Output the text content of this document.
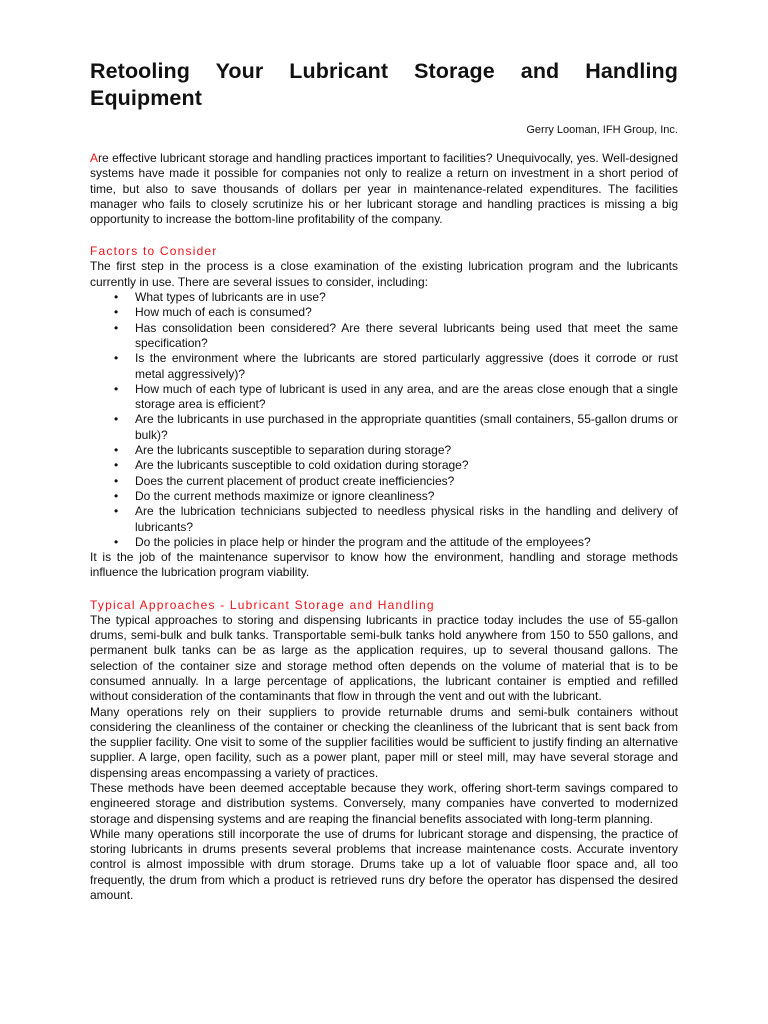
Retooling Your Lubricant Storage and Handling Equipment
Gerry Looman, IFH Group, Inc.

Are effective lubricant storage and handling practices important to facilities? Unequivocally, yes. Well-designed systems have made it possible for companies not only to realize a return on investment in a short period of time, but also to save thousands of dollars per year in maintenance-related expenditures. The facilities manager who fails to closely scrutinize his or her lubricant storage and handling practices is missing a big opportunity to increase the bottom-line profitability of the company.

Factors to Consider

The first step in the process is a close examination of the existing lubrication program and the lubricants currently in use. There are several issues to consider, including:

• What types of lubricants are in use?
• How much of each is consumed?
• Has consolidation been considered? Are there several lubricants being used that meet the same specification?
• Is the environment where the lubricants are stored particularly aggressive (does it corrode or rust metal aggressively)?
• How much of each type of lubricant is used in any area, and are the areas close enough that a single storage area is efficient?
• Are the lubricants in use purchased in the appropriate quantities (small containers, 55-gallon drums or bulk)?
• Are the lubricants susceptible to separation during storage?
• Are the lubricants susceptible to cold oxidation during storage?
• Does the current placement of product create inefficiencies?
• Do the current methods maximize or ignore cleanliness?
• Are the lubrication technicians subjected to needless physical risks in the handling and delivery of lubricants?
• Do the policies in place help or hinder the program and the attitude of the employees?

It is the job of the maintenance supervisor to know how the environment, handling and storage methods influence the lubrication program viability.

Typical Approaches - Lubricant Storage and Handling

The typical approaches to storing and dispensing lubricants in practice today includes the use of 55-gallon drums, semi-bulk and bulk tanks. Transportable semi-bulk tanks hold anywhere from 150 to 550 gallons, and permanent bulk tanks can be as large as the application requires, up to several thousand gallons. The selection of the container size and storage method often depends on the volume of material that is to be consumed annually. In a large percentage of applications, the lubricant container is emptied and refilled without consideration of the contaminants that flow in through the vent and out with the lubricant.

Many operations rely on their suppliers to provide returnable drums and semi-bulk containers without considering the cleanliness of the container or checking the cleanliness of the lubricant that is sent back from the supplier facility. One visit to some of the supplier facilities would be sufficient to justify finding an alternative supplier. A large, open facility, such as a power plant, paper mill or steel mill, may have several storage and dispensing areas encompassing a variety of practices.

These methods have been deemed acceptable because they work, offering short-term savings compared to engineered storage and distribution systems. Conversely, many companies have converted to modernized storage and dispensing systems and are reaping the financial benefits associated with long-term planning.

While many operations still incorporate the use of drums for lubricant storage and dispensing, the practice of storing lubricants in drums presents several problems that increase maintenance costs. Accurate inventory control is almost impossible with drum storage. Drums take up a lot of valuable floor space and, all too frequently, the drum from which a product is retrieved runs dry before the operator has dispensed the desired amount.
